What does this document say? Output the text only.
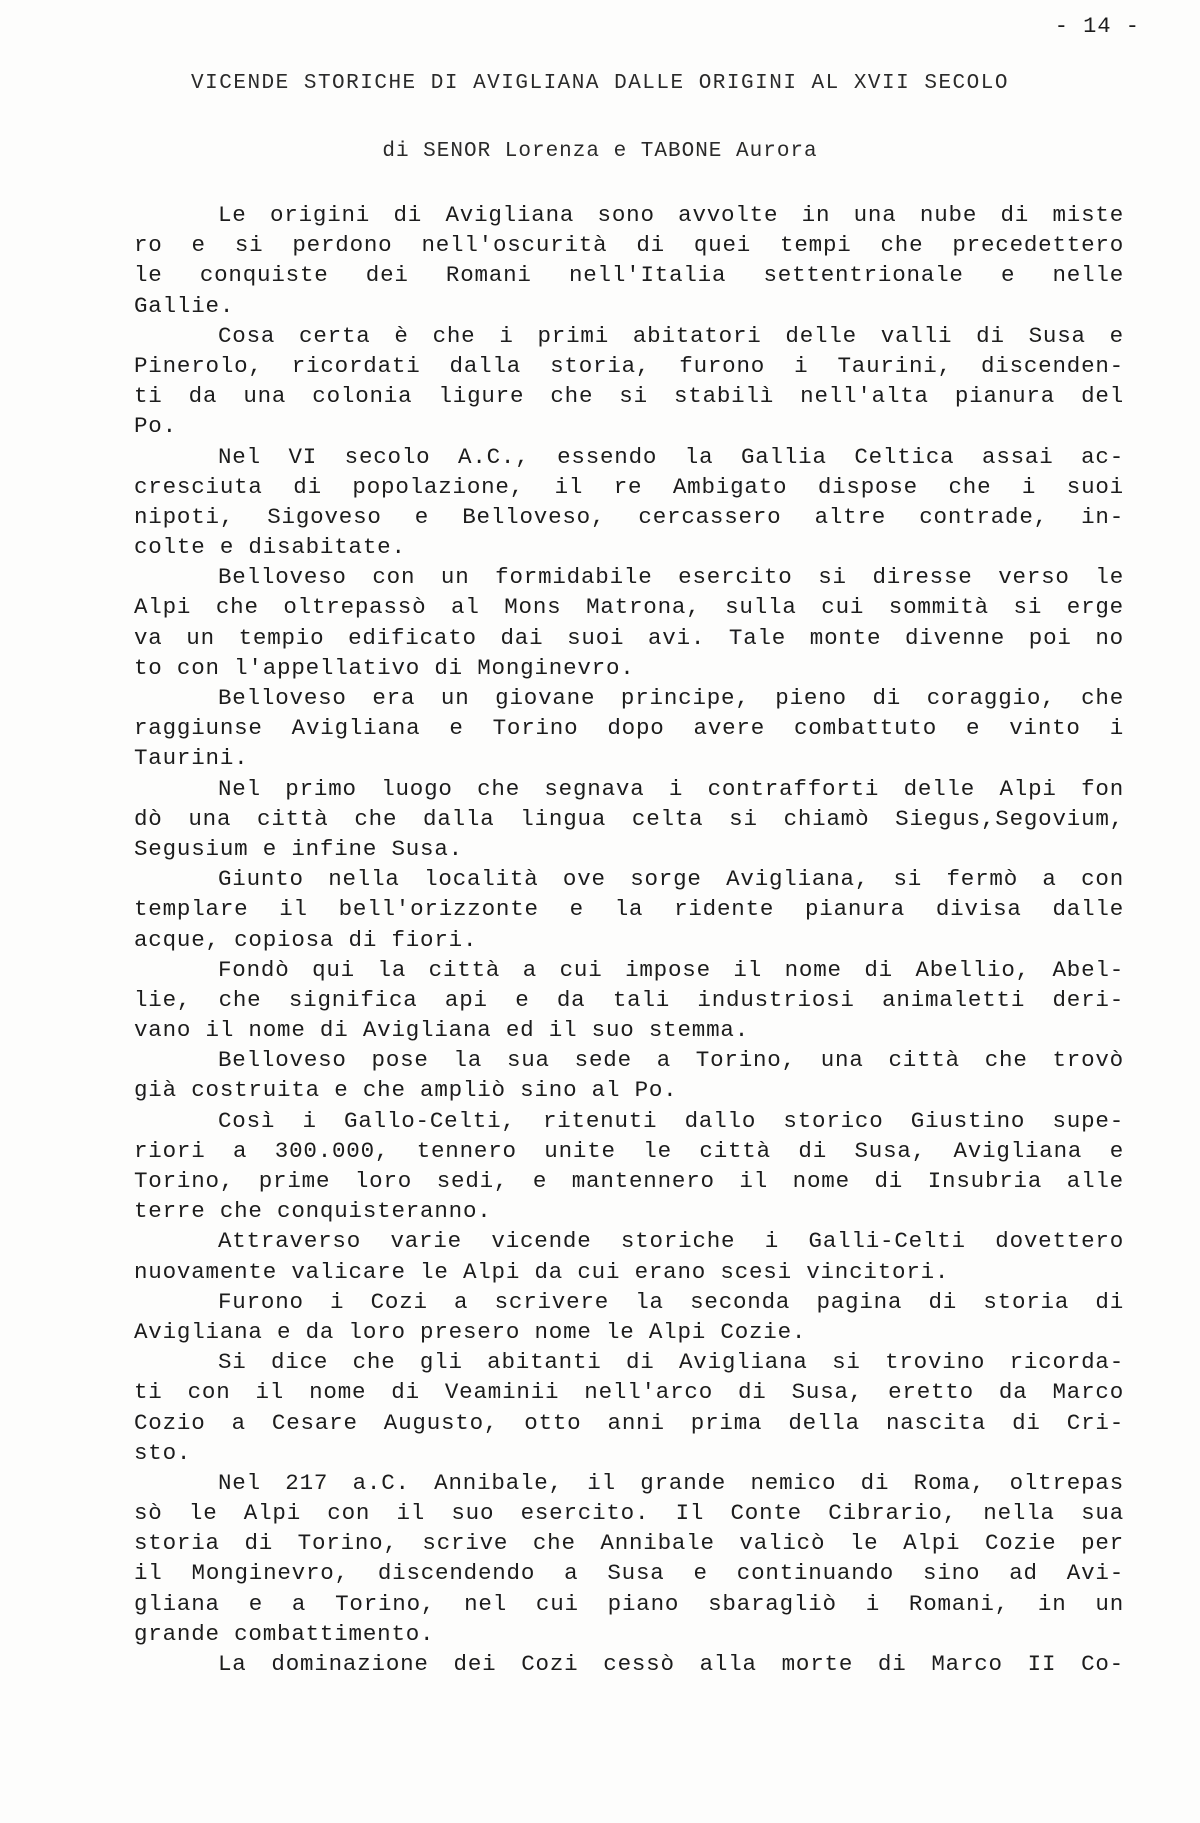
- 14 -
VICENDE STORICHE DI AVIGLIANA DALLE ORIGINI AL XVII SECOLO
di SENOR Lorenza e TABONE Aurora
Le origini di Avigliana sono avvolte in una nube di miste
ro e si perdono nell'oscurità di quei tempi che precedettero
le conquiste dei Romani nell'Italia settentrionale e nelle
Gallie.
Cosa certa è che i primi abitatori delle valli di Susa e
Pinerolo, ricordati dalla storia, furono i Taurini, discenden-
ti da una colonia ligure che si stabilì nell'alta pianura del
Po.
Nel VI secolo A.C., essendo la Gallia Celtica assai ac-
cresciuta di popolazione, il re Ambigato dispose che i suoi
nipoti, Sigoveso e Belloveso, cercassero altre contrade, in-
colte e disabitate.
Belloveso con un formidabile esercito si diresse verso le
Alpi che oltrepassò al Mons Matrona, sulla cui sommità si erge
va un tempio edificato dai suoi avi. Tale monte divenne poi no
to con l'appellativo di Monginevro.
Belloveso era un giovane principe, pieno di coraggio, che
raggiunse Avigliana e Torino dopo avere combattuto e vinto i
Taurini.
Nel primo luogo che segnava i contrafforti delle Alpi fon
dò una città che dalla lingua celta si chiamò Siegus,Segovium,
Segusium e infine Susa.
Giunto nella località ove sorge Avigliana, si fermò a con
templare il bell'orizzonte e la ridente pianura divisa dalle
acque, copiosa di fiori.
Fondò qui la città a cui impose il nome di Abellio, Abel-
lie, che significa api e da tali industriosi animaletti deri-
vano il nome di Avigliana ed il suo stemma.
Belloveso pose la sua sede a Torino, una città che trovò
già costruita e che ampliò sino al Po.
Così i Gallo-Celti, ritenuti dallo storico Giustino supe-
riori a 300.000, tennero unite le città di Susa, Avigliana e
Torino, prime loro sedi, e mantennero il nome di Insubria alle
terre che conquisteranno.
Attraverso varie vicende storiche i Galli-Celti dovettero
nuovamente valicare le Alpi da cui erano scesi vincitori.
Furono i Cozi a scrivere la seconda pagina di storia di
Avigliana e da loro presero nome le Alpi Cozie.
Si dice che gli abitanti di Avigliana si trovino ricorda-
ti con il nome di Veaminii nell'arco di Susa, eretto da Marco
Cozio a Cesare Augusto, otto anni prima della nascita di Cri-
sto.
Nel 217 a.C. Annibale, il grande nemico di Roma, oltrepas
sò le Alpi con il suo esercito. Il Conte Cibrario, nella sua
storia di Torino, scrive che Annibale valicò le Alpi Cozie per
il Monginevro, discendendo a Susa e continuando sino ad Avi-
gliana e a Torino, nel cui piano sbaragliò i Romani, in un
grande combattimento.
La dominazione dei Cozi cessò alla morte di Marco II Co-
